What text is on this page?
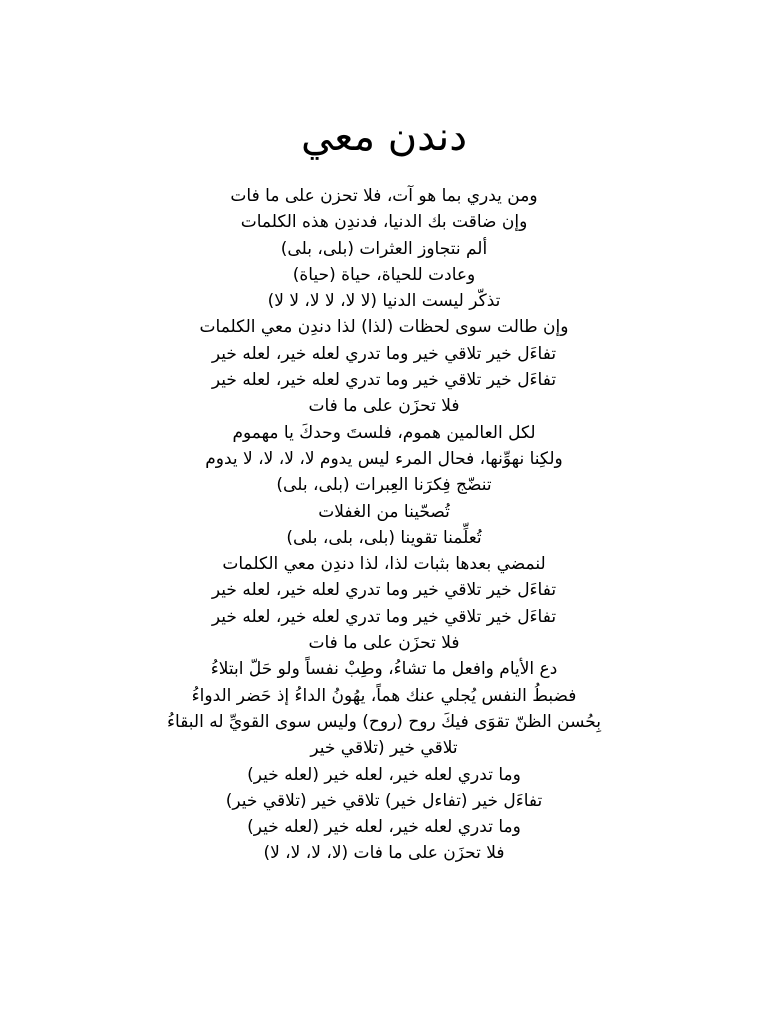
دندن معي
ومن يدري بما هو آت، فلا تحزن على ما فات
وإن ضاقت بك الدنيا، فدندِن هذه الكلمات
ألم نتجاوز العثرات (بلى، بلى)
وعادت للحياة، حياة (حياة)
تذكّر ليست الدنيا (لا لا، لا لا، لا لا)
وإن طالت سوى لحظات (لذا) لذا دندِن معي الكلمات
تفاءَل خير تلاقي خير وما تدري لعله خير، لعله خير
تفاءَل خير تلاقي خير وما تدري لعله خير، لعله خير
فلا تحزَن على ما فات
لكل العالمين هموم، فلستَ وحدكَ يا مهموم
ولكِنا نهوِّنها، فحال المرء ليس يدوم لا، لا، لا، لا يدوم
تنضّج فِكرَنا العِبرات (بلى، بلى)
تُصحّينا من الغفلات
تُعلِّمنا تقوينا (بلى، بلى، بلى)
لنمضي بعدها بثبات لذا، لذا دندِن معي الكلمات
تفاءَل خير تلاقي خير وما تدري لعله خير، لعله خير
تفاءَل خير تلاقي خير وما تدري لعله خير، لعله خير
فلا تحزَن على ما فات
دع الأيام وافعل ما تشاءُ، وطِبْ نفساً ولو حَلّ ابتلاءُ
فضبطُ النفس يُجلي عنك هماً، يهُونُ الداءُ إذ حَضر الدواءُ
بِحُسن الظنّ تقوَى فيكَ روح (روح) وليس سوى القويِّ له البقاءُ
تلاقي خير (تلاقي خير
وما تدري لعله خير، لعله خير (لعله خير)
تفاءَل خير (تفاءل خير) تلاقي خير (تلاقي خير)
وما تدري لعله خير، لعله خير (لعله خير)
فلا تحزَن على ما فات (لا، لا، لا، لا)
